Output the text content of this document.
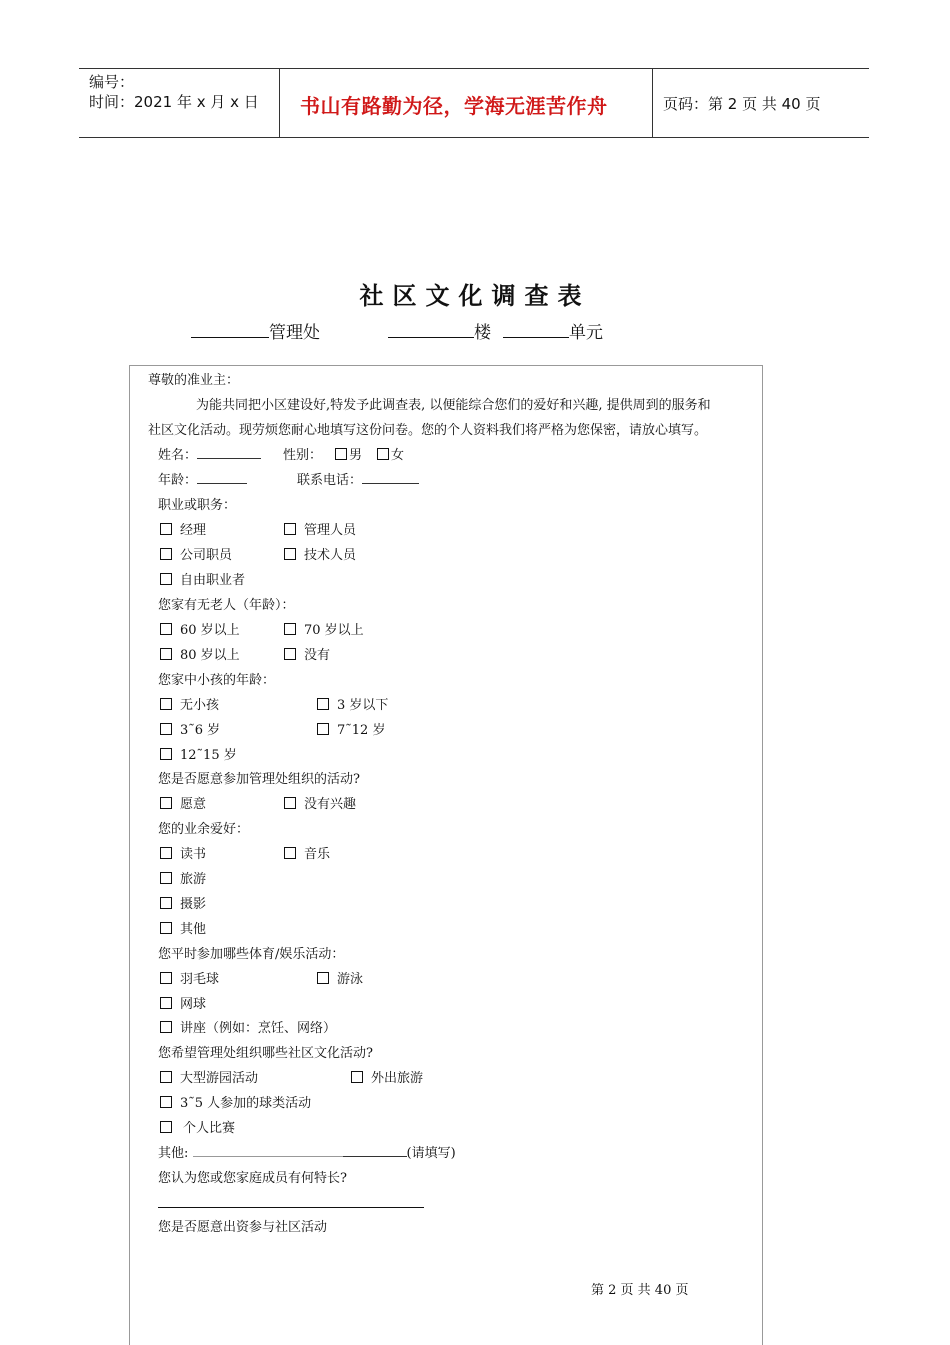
编号：
时间：2021 年 x 月 x 日 书山有路勤为径，学海无涯苦作舟	页码：第 2 页 共 40 页
社区文化调查表
管理处	楼	单元
尊敬的准业主：
为能共同把小区建设好,特发予此调查表, 以便能综合您们的爱好和兴趣, 提供周到的服务和
社区文化活动。现劳烦您耐心地填写这份问卷。您的个人资料我们将严格为您保密，请放心填写。
姓名：	性别：	男	女
年龄：	联系电话：
职业或职务：
经理	管理人员
公司职员	技术人员
自由职业者
您家有无老人（年龄）：
60 岁以上	70 岁以上
80 岁以上	没有
您家中小孩的年龄：
无小孩	3 岁以下
3˜6 岁	7˜12 岁
12˜15 岁
您是否愿意参加管理处组织的活动?
愿意	没有兴趣
您的业余爱好：
读书	音乐
旅游
摄影
其他
您平时参加哪些体育/娱乐活动：
羽毛球	游泳
网球
讲座（例如：烹饪、网络）
您希望管理处组织哪些社区文化活动?
大型游园活动	外出旅游
3˜5 人参加的球类活动
个人比赛
其他:	(请填写)
您认为您或您家庭成员有何特长?
您是否愿意出资参与社区活动
第 2 页 共 40 页
